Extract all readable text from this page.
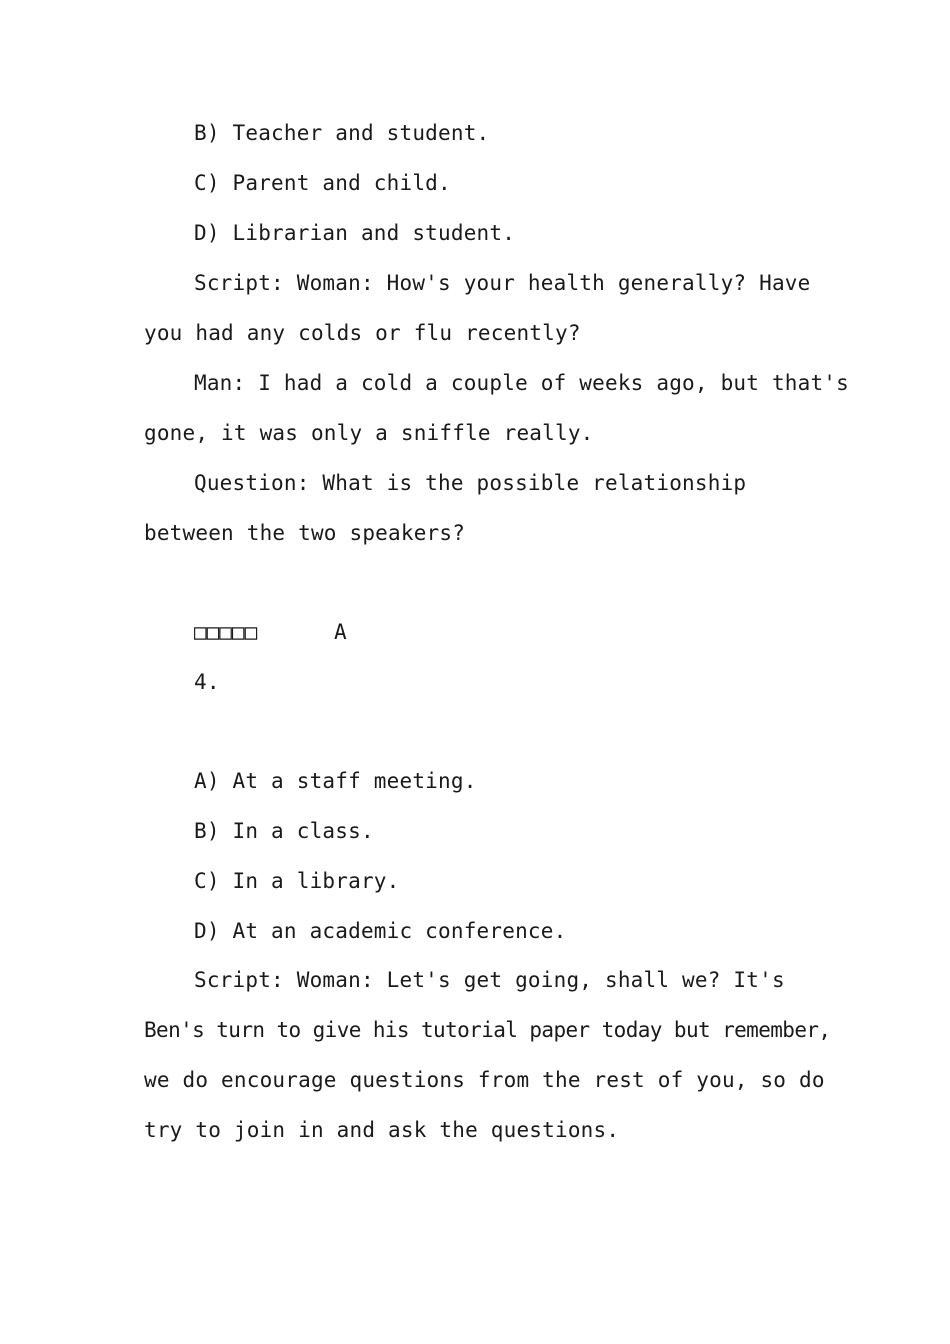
B) Teacher and student.
C) Parent and child.
D) Librarian and student.
Script: Woman: How's your health generally? Have
you had any colds or flu recently?
Man: I had a cold a couple of weeks ago, but that's
gone, it was only a sniffle really.
Question: What is the possible relationship
between the two speakers?
□□□□□	A
4.
A) At a staff meeting.
B) In a class.
C) In a library.
D) At an academic conference.
Script: Woman: Let's get going, shall we? It's
Ben's turn to give his tutorial paper today but remember,
we do encourage questions from the rest of you, so do
try to join in and ask the questions.
